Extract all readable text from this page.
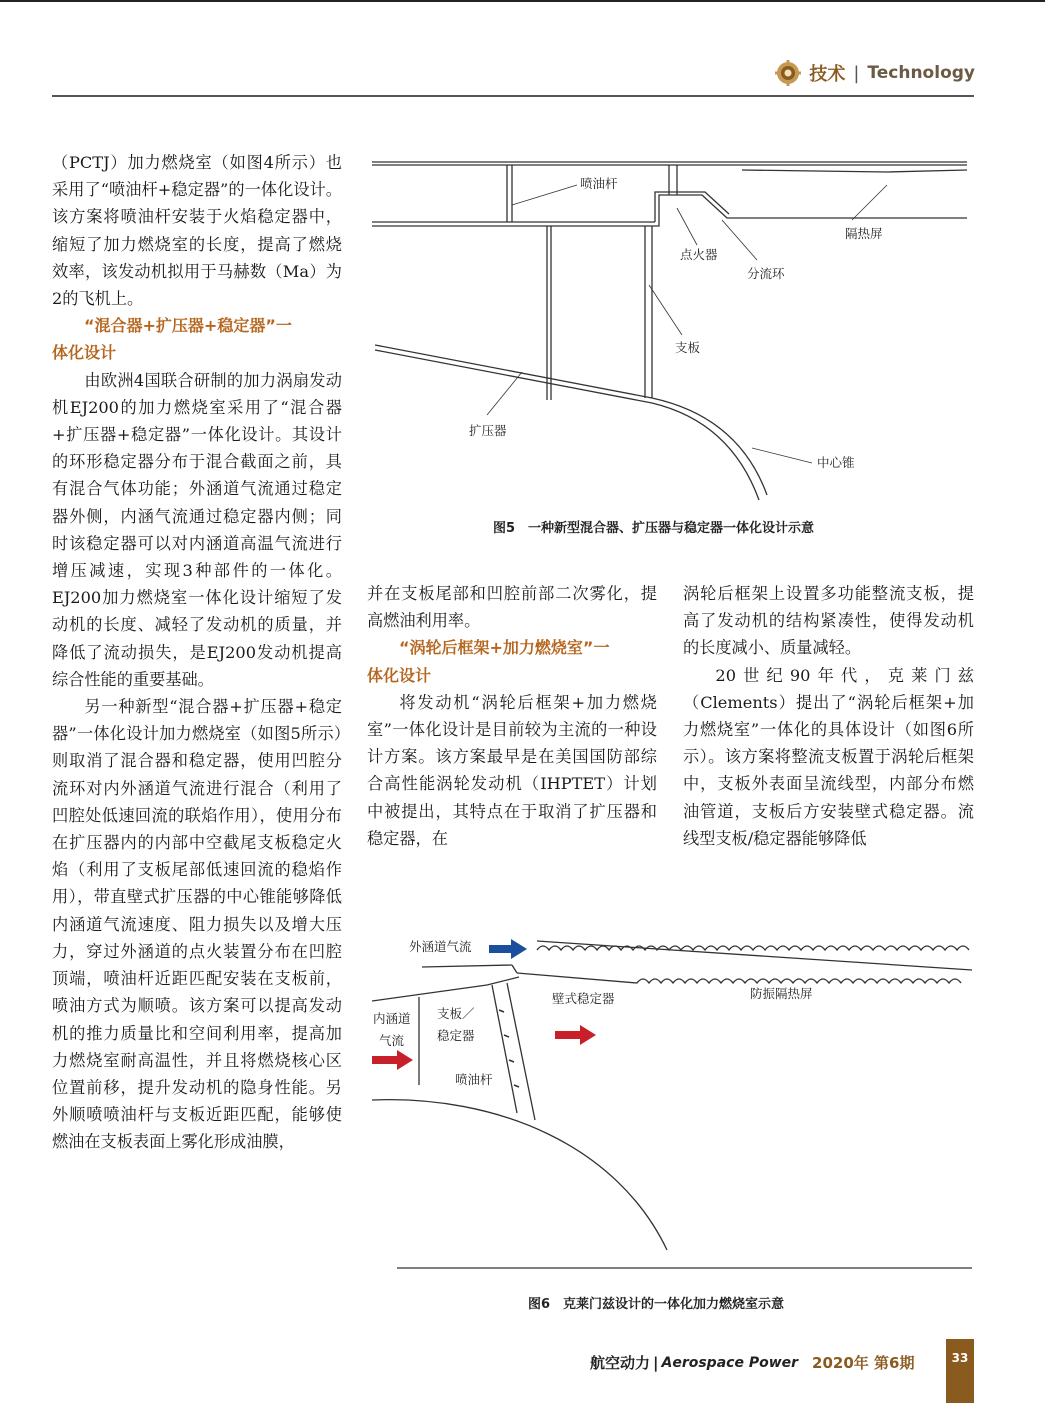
技术 | Technology

（PCTJ）加力燃烧室（如图4所示）也采用了“喷油杆+稳定器”的一体化设计。该方案将喷油杆安装于火焰稳定器中，缩短了加力燃烧室的长度，提高了燃烧效率，该发动机拟用于马赫数（Ma）为2的飞机上。

“混合器+扩压器+稳定器”一
体化设计

由欧洲4国联合研制的加力涡扇发动机EJ200的加力燃烧室采用了“混合器+扩压器+稳定器”一体化设计。其设计的环形稳定器分布于混合截面之前，具有混合气体功能；外涵道气流通过稳定器外侧，内涵气流通过稳定器内侧；同时该稳定器可以对内涵道高温气流进行增压减速，实现3种部件的一体化。EJ200加力燃烧室一体化设计缩短了发动机的长度、减轻了发动机的质量，并降低了流动损失，是EJ200发动机提高综合性能的重要基础。

另一种新型“混合器+扩压器+稳定器”一体化设计加力燃烧室（如图5所示）则取消了混合器和稳定器，使用凹腔分流环对内外涵道气流进行混合（利用了凹腔处低速回流的联焰作用），使用分布在扩压器内的内部中空截尾支板稳定火焰（利用了支板尾部低速回流的稳焰作用），带直壁式扩压器的中心锥能够降低内涵道气流速度、阻力损失以及增大压力，穿过外涵道的点火装置分布在凹腔顶端，喷油杆近距匹配安装在支板前，喷油方式为顺喷。该方案可以提高发动机的推力质量比和空间利用率，提高加力燃烧室耐高温性，并且将燃烧核心区位置前移，提升发动机的隐身性能。另外顺喷喷油杆与支板近距匹配，能够使燃油在支板表面上雾化形成油膜，

喷油杆
隔热屏
点火器
分流环
支板
扩压器
中心锥
图5　一种新型混合器、扩压器与稳定器一体化设计示意

并在支板尾部和凹腔前部二次雾化，提高燃油利用率。

“涡轮后框架+加力燃烧室”一
体化设计

将发动机“涡轮后框架+加力燃烧室”一体化设计是目前较为主流的一种设计方案。该方案最早是在美国国防部综合高性能涡轮发动机（IHPTET）计划中被提出，其特点在于取消了扩压器和稳定器，在

涡轮后框架上设置多功能整流支板，提高了发动机的结构紧凑性，使得发动机的长度减小、质量减轻。

20世纪90年代，克莱门兹（Clements）提出了“涡轮后框架+加力燃烧室”一体化的具体设计（如图6所示）。该方案将整流支板置于涡轮后框架中，支板外表面呈流线型，内部分布燃油管道，支板后方安装壁式稳定器。流线型支板/稳定器能够降低

外涵道气流
内涵道
气流
支板／
稳定器
壁式稳定器	防振隔热屏
喷油杆
图6　克莱门兹设计的一体化加力燃烧室示意
航空动力 | Aerospace Power 2020年 第6期	33
